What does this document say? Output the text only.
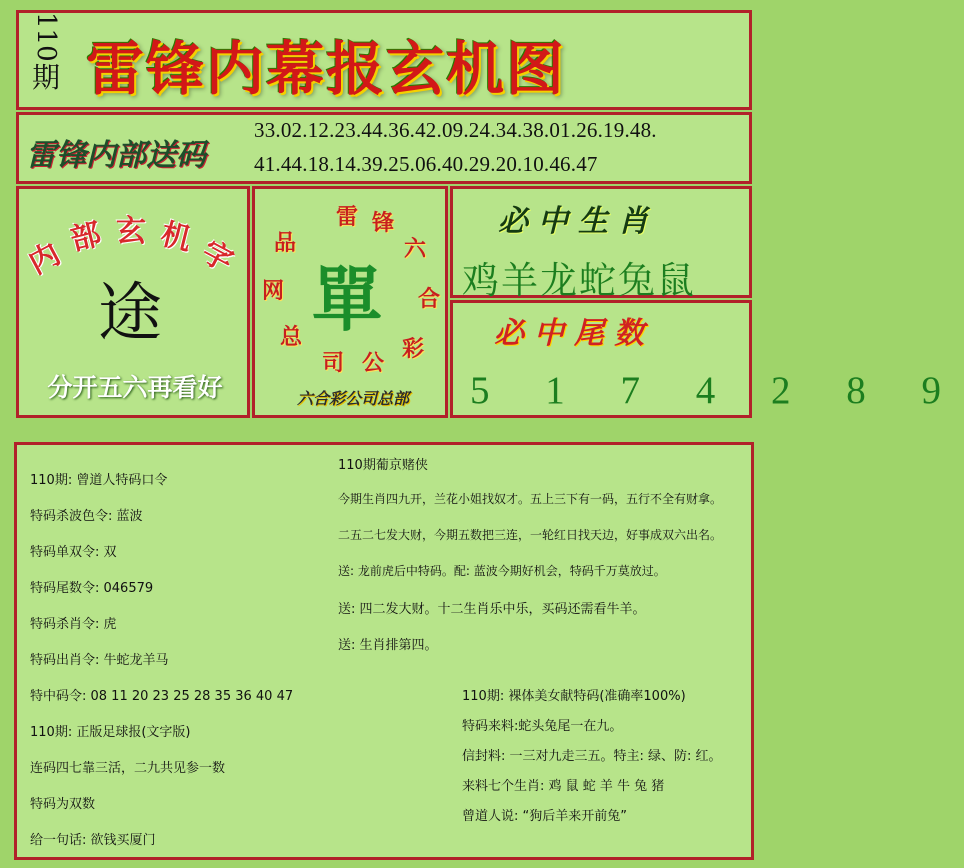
110
期 雷锋内幕报玄机图
雷锋内部送码
33.02.12.23.44.36.42.09.24.34.38.01.26.19.48.
41.44.18.14.39.25.06.40.29.20.10.46.47
内 部 玄 机 字
途
分开五六再看好
雷 锋
六
合
彩
公
司
总
网
品
單
六合彩公司总部
必中生肖
鸡羊龙蛇兔鼠
必中尾数
5 1 7 4 2 8 9
110期: 曾道人特码口令
特码杀波色令: 蓝波
特码单双令: 双
特码尾数令: 046579
特码杀肖令: 虎
特码出肖令: 牛蛇龙羊马
特中码令: 08 11 20 23 25 28 35 36 40 47
110期: 正版足球报(文字版)
连码四七靠三活，二九共见参一数
特码为双数
给一句话: 欲钱买厦门
110期葡京赌侠
今期生肖四九开，兰花小姐找奴才。五上三下有一码，五行不全有财拿。
二五二七发大财，今期五数把三连，一轮红日找天边，好事成双六出名。
送: 龙前虎后中特码。配: 蓝波今期好机会，特码千万莫放过。
送: 四二发大财。十二生肖乐中乐，买码还需看牛羊。
送: 生肖排第四。
110期: 裸体美女献特码(准确率100%)
特码来料:蛇头兔尾一在九。
信封料: 一三对九走三五。特主: 绿、防: 红。
来料七个生肖: 鸡 鼠 蛇 羊 牛 兔 猪
曾道人说: “狗后羊来开前兔”
